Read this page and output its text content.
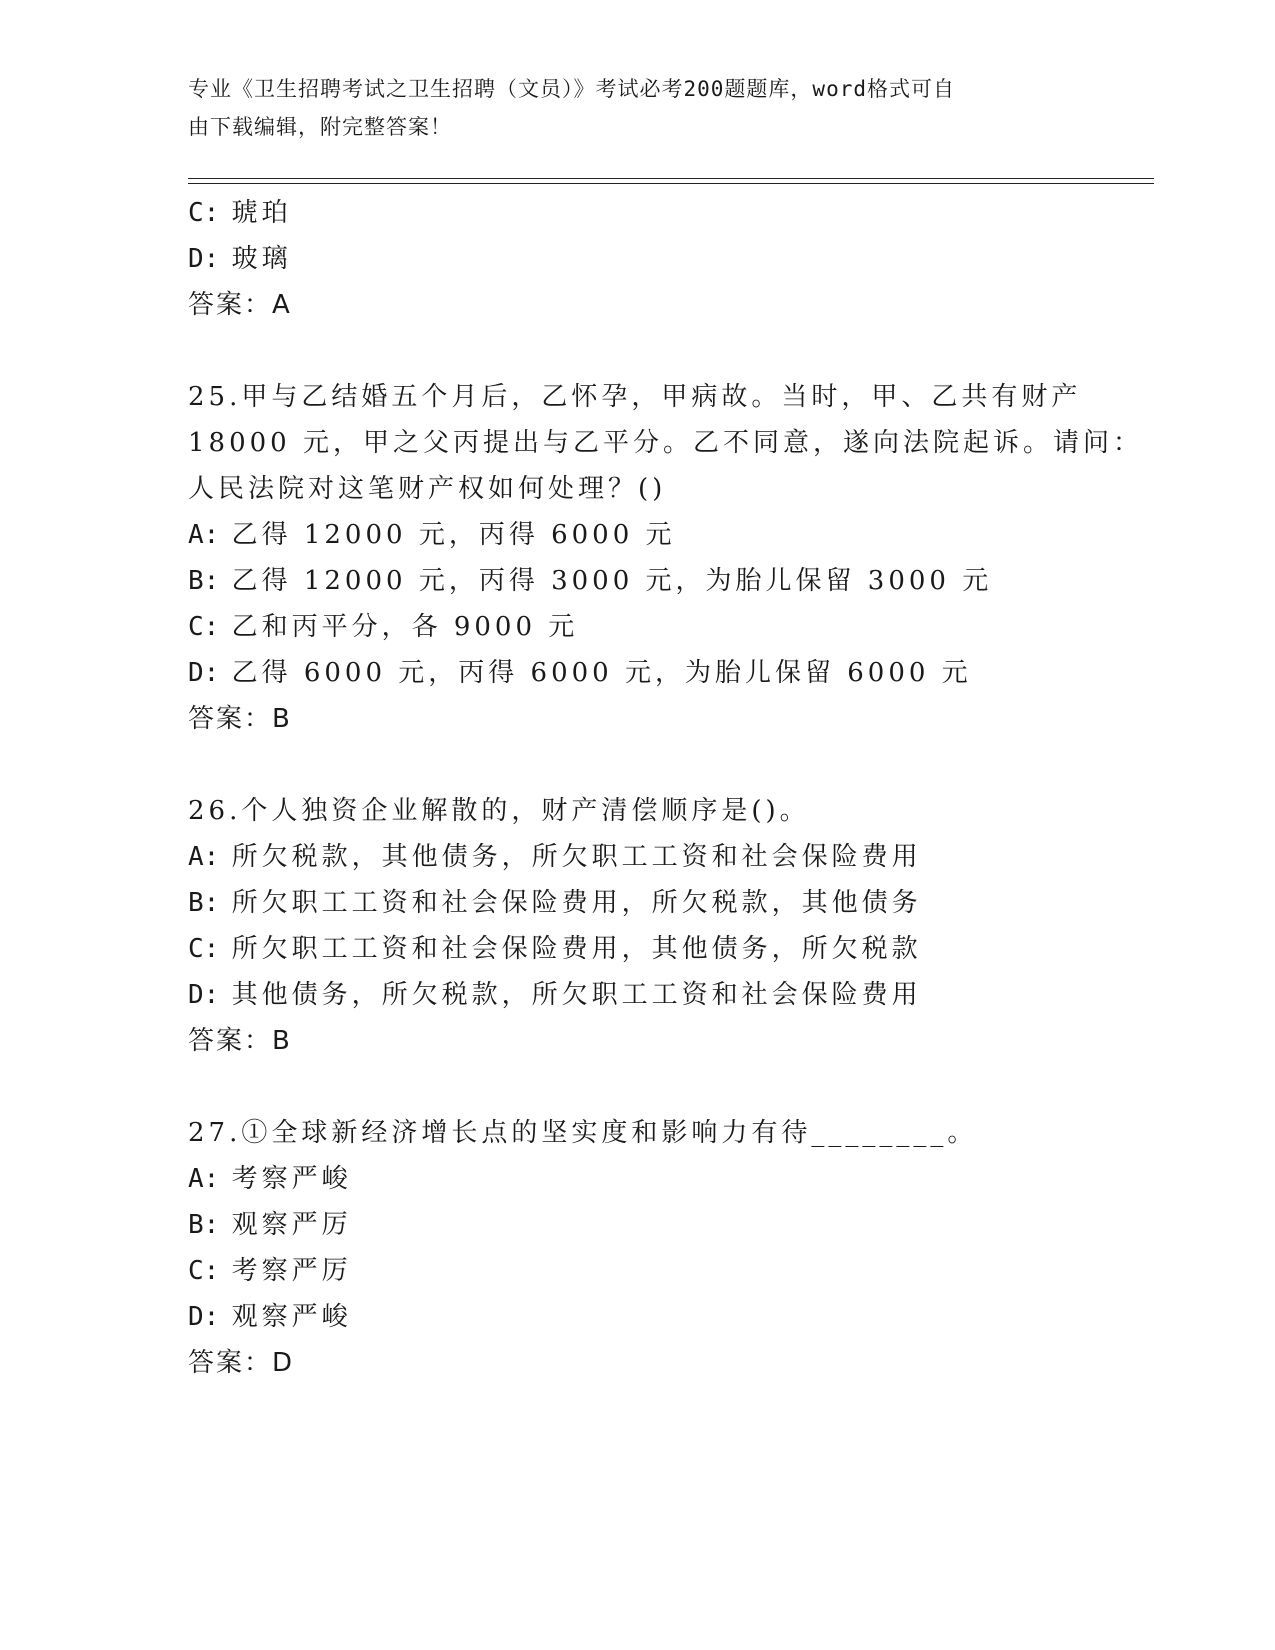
专业《卫生招聘考试之卫生招聘（文员）》考试必考200题题库，word格式可自
由下载编辑，附完整答案！
C: 琥珀
D: 玻璃
答案：A
25.甲与乙结婚五个月后，乙怀孕，甲病故。当时，甲、乙共有财产
18000 元，甲之父丙提出与乙平分。乙不同意，遂向法院起诉。请问：
人民法院对这笔财产权如何处理？()
A: 乙得 12000 元，丙得 6000 元
B: 乙得 12000 元，丙得 3000 元，为胎儿保留 3000 元
C: 乙和丙平分，各 9000 元
D: 乙得 6000 元，丙得 6000 元，为胎儿保留 6000 元
答案：B
26.个人独资企业解散的，财产清偿顺序是()。
A: 所欠税款，其他债务，所欠职工工资和社会保险费用
B: 所欠职工工资和社会保险费用，所欠税款，其他债务
C: 所欠职工工资和社会保险费用，其他债务，所欠税款
D: 其他债务，所欠税款，所欠职工工资和社会保险费用
答案：B
27.①全球新经济增长点的坚实度和影响力有待________。
A: 考察严峻
B: 观察严厉
C: 考察严厉
D: 观察严峻
答案：D
